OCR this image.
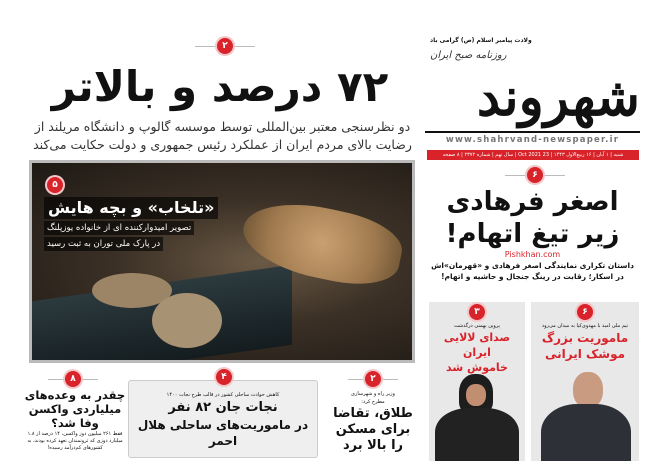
ولادت پیامبر اسلام (ص) گرامی باد
روزنامه صبح ایران
شهروند
www.shahrvand-newspaper.ir
شنبه | ۱ آبان | ۱۶ ربیع‌الاول ۱۴۴۳ | 23 Oct 2021 | سال نهم | شماره ۲۳۷۲ | ۸ صفحه
۲
۷۲ درصد و بالاتر
دو نظرسنجی معتبر بین‌المللی توسط موسسه گالوپ و دانشگاه مریلند از رضایت بالای مردم ایران از عملکرد رئیس جمهوری و دولت حکایت می‌کند
۵
«تلخاب» و بچه هایش
تصویر امیدوارکننده ای از خانواده یوزپلنگ
در پارک ملی توران به ثبت رسید
۶
اصغر فرهادی
زیر تیغ اتهام!
Pishkhan.com
داستان تکراری نمایندگی اصغر فرهادی و «قهرمان»اش در اسکار؛ رقابت در رینگ جنجال و حاشیه و اتهام!
۶
تیم ملی امید با مهدوی‌کیا به میدان می‌رود
ماموریت بزرگ
موشک ایرانی
۳
پروین بهمنی درگذشت
صدای لالایی ایران
خاموش شد
۲
وزیر راه و شهرسازی
مطرح کرد:
طلاق، تقاضا برای مسکن را بالا برد
۴
کاهش حوادث ساحلی کشور در قالب طرح نجات ۱۴۰۰
نجات جان ۸۲ نفر
در ماموریت‌های ساحلی هلال احمر
۸
چقدر به وعده‌های میلیاردی واکسن وفا شد؟
فقط ۲۶۱ میلیون دوز واکسن، ۱۴ درصد از ۱.۸ میلیارد دوزی که ثروتمندان تعهد کرده بودند، به کشورهای کم‌درآمد رسیده!
